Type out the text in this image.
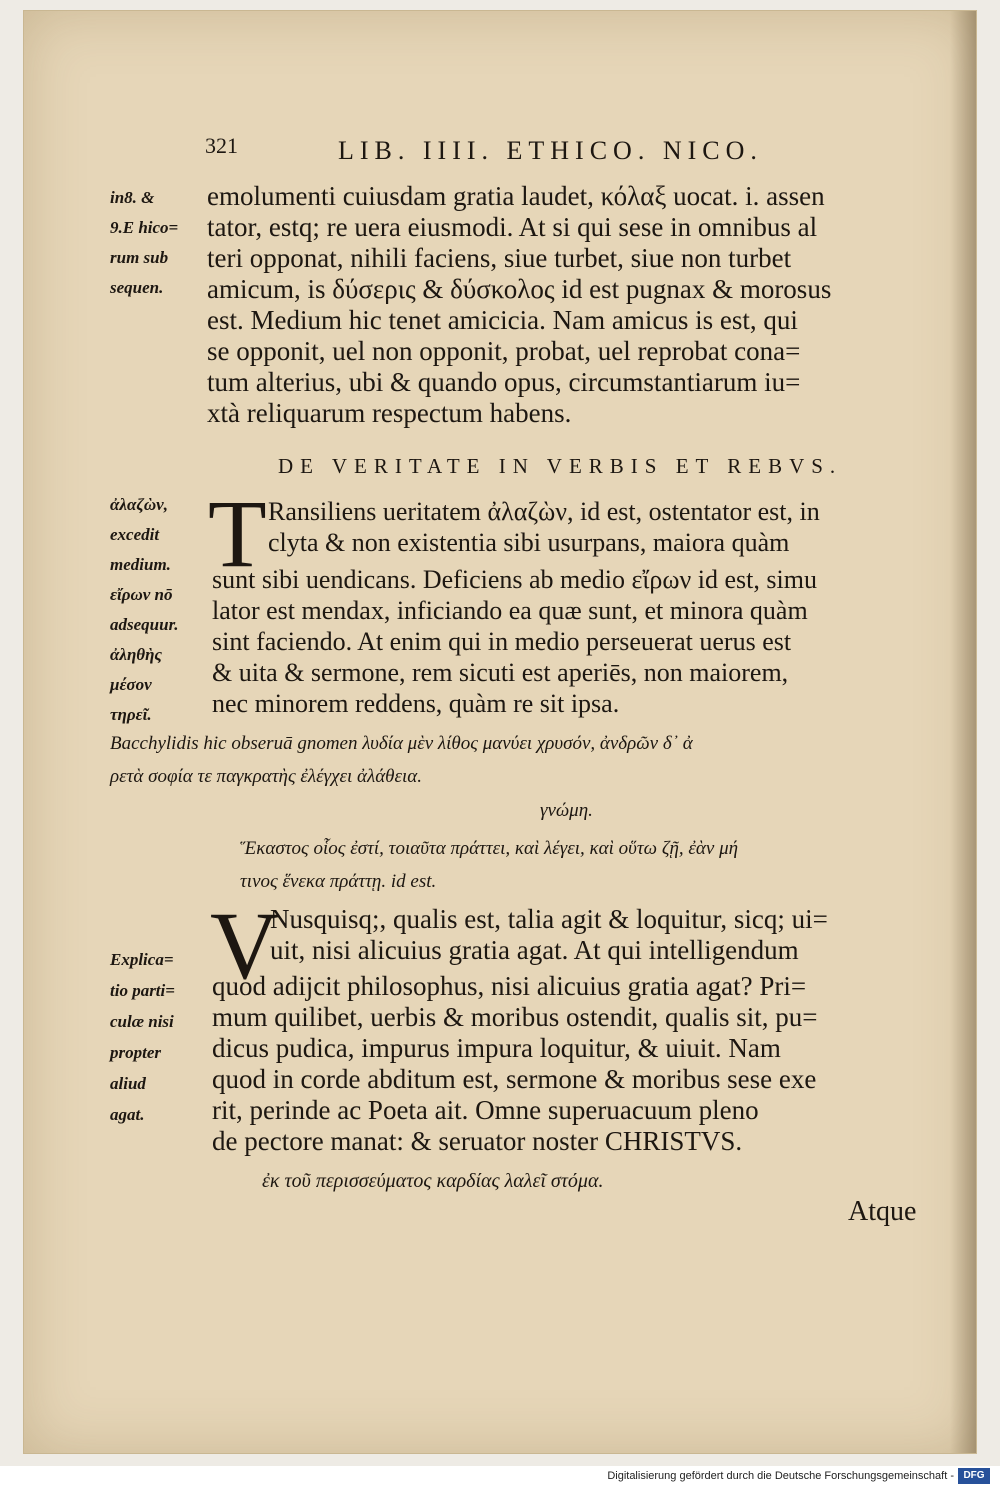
321	LIB. IIII. ETHICO. NICO.
in8. &
9.E hico=
rum sub
sequen.
emolumenti cuiusdam gratia laudet, κόλαξ uocat. i. assen
tator, estq; re uera eiusmodi. At si qui sese in omnibus al
teri opponat, nihili faciens, siue turbet, siue non turbet
amicum, is δύσερις & δύσκολος id est pugnax & morosus
est. Medium hic tenet amicicia. Nam amicus is est, qui
se opponit, uel non opponit, probat, uel reprobat cona=
tum alterius, ubi & quando opus, circumstantiarum iu=
xtà reliquarum respectum habens.
DE VERITATE IN VERBIS ET REBVS.
ἀλαζὼν,
excedit
medium.
εἴρων nō
adsequur.
ἀληθὴς
μέσον
τηρεῖ.
T Ransiliens ueritatem ἀλαζὼν, id est, ostentator est, in
clyta & non existentia sibi usurpans, maiora quàm
sunt sibi uendicans. Deficiens ab medio εἴρων id est, simu
lator est mendax, inficiando ea quæ sunt, et minora quàm
sint faciendo. At enim qui in medio perseuerat uerus est
& uita & sermone, rem sicuti est aperiēs, non maiorem,
nec minorem reddens, quàm re sit ipsa.
Bacchylidis hic obseruā gnomen λυδία μὲν λίθος μανύει χρυσόν, ἀνδρῶν δ᾽ ἀ
ρετὰ σοφία τε παγκρατὴς ἐλέγχει ἀλάθεια.
γνώμη.
Ἕκαστος οἷος ἐστί, τοιαῦτα πράττει, καὶ λέγει, καὶ οὕτω ζῇ, ἐὰν μή
τινος ἕνεκα πράττῃ. id est.
Explica=
tio parti=
culæ nisi
propter
aliud
agat.
V
Nusquisq;, qualis est, talia agit & loquitur, sicq; ui=
uit, nisi alicuius gratia agat. At qui intelligendum
quod adijcit philosophus, nisi alicuius gratia agat? Pri=
mum quilibet, uerbis & moribus ostendit, qualis sit, pu=
dicus pudica, impurus impura loquitur, & uiuit. Nam
quod in corde abditum est, sermone & moribus sese exe
rit, perinde ac Poeta ait. Omne superuacuum pleno
de pectore manat: & seruator noster CHRISTVS.
ἐκ τοῦ περισσεύματος καρδίας λαλεῖ στόμα.
Atque
Digitalisierung gefördert durch die Deutsche Forschungsgemeinschaft - DFG
